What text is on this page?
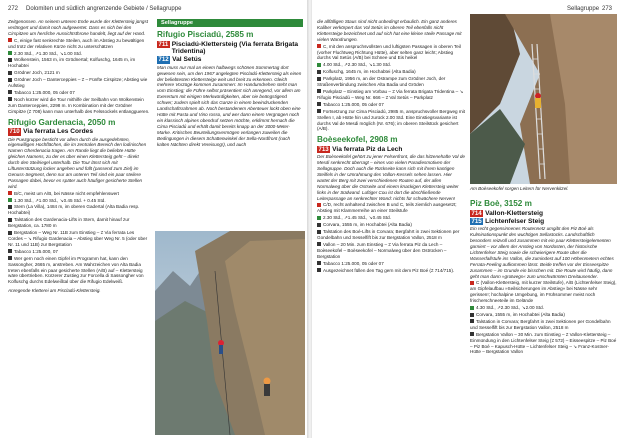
272 Dolomiten und südlich angrenzende Gebiete / Sellagruppe

Zeitgenossen. An seinem unteren Ende wurde der Klettersteig jüngst verlängert und damit noch aufgewertet. Dass es sich bei den Cirspitzen um herrliche Aussichtsthrone handelt, liegt auf der Hand.

C, einige fast senkrechte Steilen, auch im Abstieg zu bewältigen und trotz der relativen Kürze nicht zu unterschätzen

2.30 Std., ↗1.30 Std., ↘1.00 Std.

Wolkenstein, 1563 m, im Grödnertal; Kolfuschg, 1645 m, im Hochabtei

Grödner Joch, 2121 m

Grödner Joch – Danterceppies – ≠ – Fünfte Cirspitze; Abstieg wie Aufstieg

Tabacco 1:25.000, 05 oder 07

Noch kürzer wird die Tour mithilfe der Seilbahn von Wolkenstein zum Danterceppies, 2298 m. In Kombination mit der Grödner Cirspitze (≠ 708) kann man unterhalb des Felssockels entlanggueren.

Rifugio Gardenacia, 2050 m
710 Via ferrata Les Cordes

Die Puezgruppe besticht vor allem durch die ausgedehnten, eigenwilligen Hochflächen, die im zentralen Bereich den lodinischen Namen Gherdenacia tragen. Am Rande liegt die beliebte Hütte gleichen Namens, zu der es über einen Klettersteig geht – direkt durch den Steilriegel unterhalb. Die Tour lässt sich mit Liftunterstützung locker angehen und füllt (passend zum Ziel) im Genuss-Segment, denn nur am unteren Teil sind ein paar steilere Passagen dabei, bevor es später auch häufiger gesicherte Stellen wird.

B/C, meist um A/B, bei Nässe nicht empfehlenswert

1.30 Std., ↗1.00 Std., ↘0.45 Std. + 0.45 Std.

Stern (La Villa), 1484 m, im oberen Gadertal (Alta Badia resp. Hochabtei)

Talstation des Gardenacia-Lifts in Stern, damit hinauf zur Bergstation, ca. 1780 m

Bergstation – Weg Nr. 11B zum Einstieg – ≠ Via ferrata Les Cordes – ↘ Rifugio Gardenacia – Abstieg über Weg Nr. 5 (oder über Nr. 11 und 11B) zur Bergstation

Tabacco 1:25.000, 07

Wer gern noch einen Gipfel im Programm hat, kann den Sassongher, 2665 m, anstreben. Am Wahrzeichen von Alta Badia treten ebenfalls ein paar gesicherte Stellen (A/B) auf – Klettersteig wäre übertrieben. Kürzerer Zustieg zur Forcella di Sassongher von Kolfuschg durchs Edelweißtal über die Rifugio Edelweiß.

Anregende Kletterei am Piscladú-Klettersteig.

Sellagruppe
Rifugio Pisciadú, 2585 m
711 Pisciadú-Klettersteig (Via ferrata Brigata Tridentina)
712 Val Setús

Man muss nur mal an einem halbwegs schönen Sommertag dort gewesen sein, um den 1967 angelegten Piscladú-Klettersteig als einen der beliebtesten Klettersteige weit und breit zu erkennen. Gleich mehrere Vorzüge kommen zusammen: Im Handumdrehen steht man vom Einstieg; die Führe selbst präsentiert sich anregend, vor allem am Exerertum mit einigen Merkwürdigkeiten, aber nie beängstigend schwer; zudem spielt sich das Ganze in einem beeindruckenden Landschaftsrahmen ab. Noch bestandenem Abenteuer lockt oben eine Hütte mit Pasta und Vino rosso, und wer dann einem Vergnügen noch ein klassisch alpines obendruf setzen möchte, erklimmt hernach die Cima Pisciadú und erhält damit bereits knapp an der 3000-Meter-Marke. Kritisches Beurteilungsvermögen verlangen zuweilen die Bedingungen in diesem Schattenwinkel der Sella-Nordfront (nach kalten Nächten direkt Vereisung!), und auch

Sellagruppe 273

die allfälligen Staus sind nicht unbedingt erbaulich. Ein ganz anderes Kaliber verkörpert das Val Setús im oberen Teil ebenfalls nicht Klettersteige bezeichnet und auf sich hat eine kleine steile Passage mit vielen Wandrungen.

C, mit den anspruchsvollsten und luftigsten Passagen in oberen Teil (vorher Fluchtweg Richtung Hütte), aber selten ganz leicht; Abstieg durchs Val Setús (A/B) bei Schnee und Eis heikel

4.00 Std., ↗2.30 Std., ↘1.30 Std.

Kolfuschg, 1645 m, im Hochabtei (Alta Badia)

Parkplatz, 1956 m, an der Ostrampe zum Grödner Joch, der Straßenverbindung zwischen Alta Badia und Gröden

Parkplatz – Einstieg am Vorbau – ≠ Via ferrata Brigata Tridentina – ↘ Rifugio Pisciadú – Weg Nr. 666 – ≠ Val Setús – Parkplatz

Tabacco 1:25.000, 05 oder 07

Fortsetzung zur Cima Pisciadú, 2985 m, anspruchsvoller Bergweg mit Stellen I, ab Hütte hin und zurück 2.00 Std. Eine Einstiegsvariante ist durchs Val de Mesdi möglich (Nr. 676); im oberen Steilstück gesichert (A/B).

Boèseekofel, 2908 m
713 Via ferrata Piz da Lech

Der Boèseekofel gehört zu jener Felsenfront, die das hitzenehafte Val de Mesdi senkrecht überragt – eines von vielen Paradiesmotiven der Sellagruppe. Doch auch die Rückseite kann sich mit ihrem kantigen Steilfels in der Umrahmung des Vallon-Kessels sehen lassen. Hier wartet der Berg mit zwei verschiedenen Routen auf, der allen Normalweg über die Ostseite und einem knackigen Klettersteig weiter links in der Südwand. Luftiger Cou ist dort die abschließende Leiterpassage an senkrechter Wand: nichts für schwächere Nerven!

C/D, recht anhaltend zwischen B und C, teils ziemlich ausgesetzt; Abstieg mit Klammerreihe an einer Steilstufe

2.30 Std., ↗1.45 Std., ↘0.45 Std.

Corvara, 1555 m, im Hochabtei (Alta Badia)

Talstation des Boé-Lifts in Corvara; Bergfahrt in zwei Sektionen per Gondelbahn und Sesselfift bis zur Bergstation Vallon, 2518 m

Vallon – 20 Min. zum Einstieg – ≠ Via ferrata Piz da Lech – Boèseekofel – Boèseekofel – Normalweg über den Ostrücken – Bergstation

Tabacco 1:25.000, 05 oder 07

Ausgezeichnet füllen den Tag gern mit dem Piz Boé (≠ 714/715).

Am Boèseekofel sorgen Leitern für Nervenkitzel.
Piz Boè, 3152 m
714 Vallon-Klettersteig
715 Lichtenfelser Steig

Ein recht gegensinnenes Routennetz umgibt den Piz Boé als Kulminationspunkt des wuchtigen Sellastocks. Landschaftlich besonders reizvoll und zusammen mit ein paar Klettersteigelementen garniert – vor allem der Anstieg von Nordosten, der historische Lichtenfelser Steig sowie die schwierigere Route über die Wasserfallstufe ins Vallon, die zumindest auf 100 Höhenmetern echtes Ferrata-Feeling aufkommen lässt. Beide treffen vor der Eisseespitze zusammen – im Grunde ein bisschen mit. Die Route wird häufig, dann geht man dann »grotwegs« zum unschwärmten Dreitausender.

C (Vallon-Klettersteig, mit kurzer Steilstufe), A/B (Lichtenfelser Steig), am Gipfelaufbau »Seilsicherungen im Abstieg« bei Nässe sehr gerissen!; hochalpine Umgebung, im Frühsommer meist noch frischerschneeteile im Gelände

4.30 Std., ↗2.30 Std., ↘2.00 Std.

Corvara, 1555 m, im Hochabtei (Alta Badia)

Talstation in Corvara; Bergfahrt in zwei Sektionen per Gondelbahn und Sesselfift bis zur Bergstation Vallon, 2518 m

Bergstation Vallon – 30 Min. zum Einstieg – ≠ Vallon-Klettersteig – Einmündung in den Lichtenfelser Steig (≠ 572) – Eisseespitze – Piz Boé – Piz Boé – Kapusch-Hütte – Lichtenfelser Steig – ↘ Franz-Kostner-Hütte – Bergstation Vallon
